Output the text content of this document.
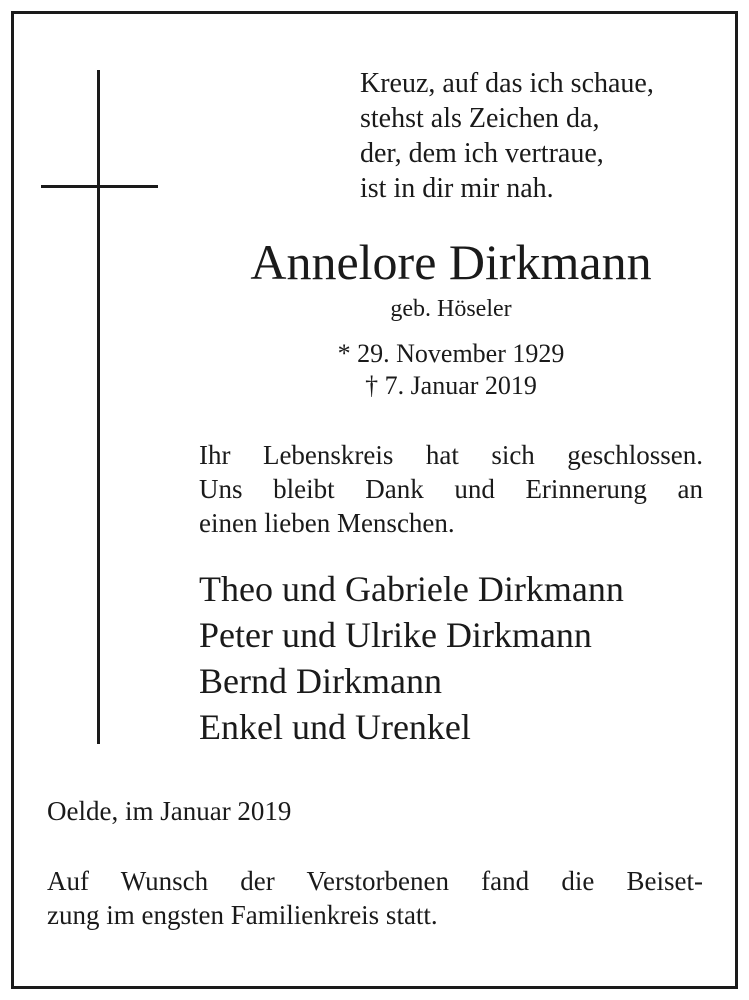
Kreuz, auf das ich schaue,
stehst als Zeichen da,
der, dem ich vertraue,
ist in dir mir nah.
Annelore Dirkmann
geb. Höseler
* 29. November 1929
† 7. Januar 2019
Ihr Lebenskreis hat sich geschlossen.
Uns bleibt Dank und Erinnerung an
einen lieben Menschen.
Theo und Gabriele Dirkmann
Peter und Ulrike Dirkmann
Bernd Dirkmann
Enkel und Urenkel
Oelde, im Januar 2019
Auf Wunsch der Verstorbenen fand die Beiset-
zung im engsten Familienkreis statt.
